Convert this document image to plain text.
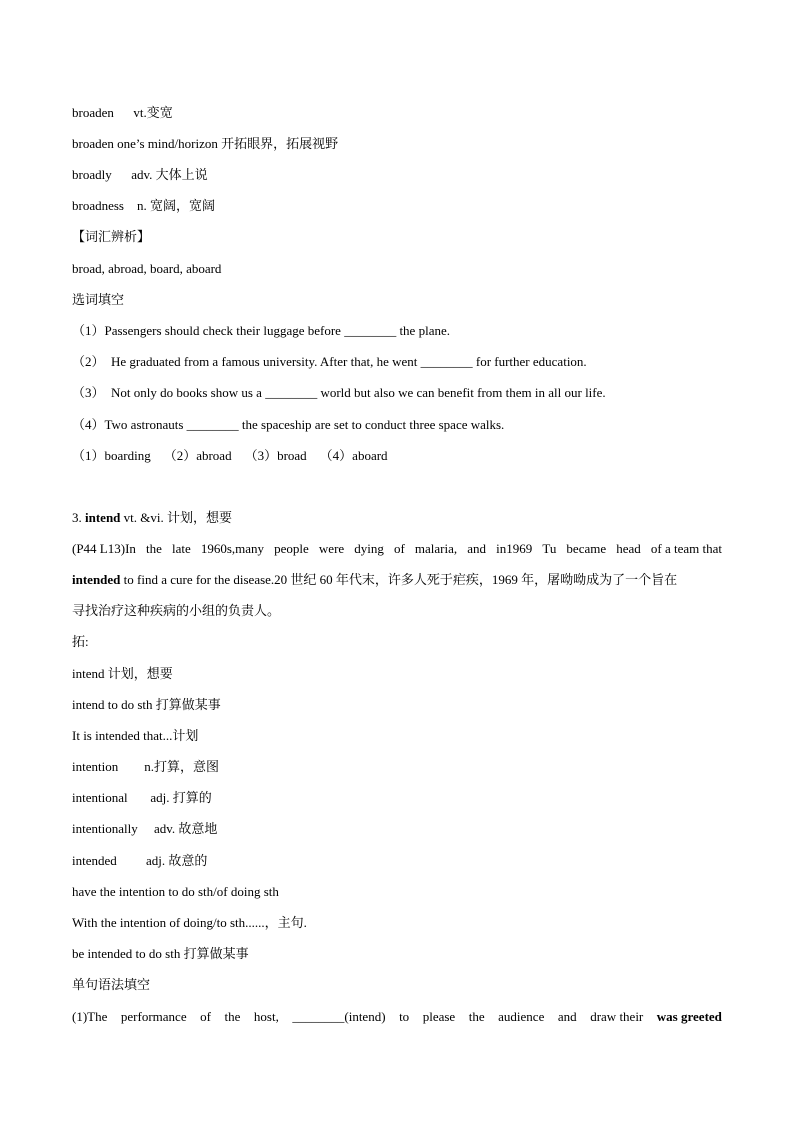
broaden      vt.变宽
broaden one’s mind/horizon 开拓眼界，拓展视野
broadly      adv. 大体上说
broadness    n. 宽阔，宽阔
【词汇辨析】
broad, abroad, board, aboard
选词填空
（1）Passengers should check their luggage before ________ the plane.
（2）  He graduated from a famous university. After that, he went ________ for further education.
（3）  Not only do books show us a ________ world but also we can benefit from them in all our life.
（4）Two astronauts ________ the spaceship are set to conduct three space walks.
（1）boarding    （2）abroad    （3）broad    （4）aboard
3. intend vt. &vi. 计划，想要
(P44 L13)In the late 1960s,many people were dying of malaria, and in1969 Tu became head of a team that
intended to find a cure for the disease.20 世纪 60 年代末，许多人死于疟疾，1969 年，屠呦呦成为了一个旨在
寻找治疗这种疾病的小组的负责人。
拓:
intend 计划，想要
intend to do sth 打算做某事
It is intended that...计划
intention        n.打算，意图
intentional       adj. 打算的
intentionally     adv. 故意地
intended         adj. 故意的
have the intention to do sth/of doing sth
With the intention of doing/to sth......，主句.
be intended to do sth 打算做某事
单句语法填空
(1)The performance of the host, ________(intend) to please the audience and draw their was greeted
